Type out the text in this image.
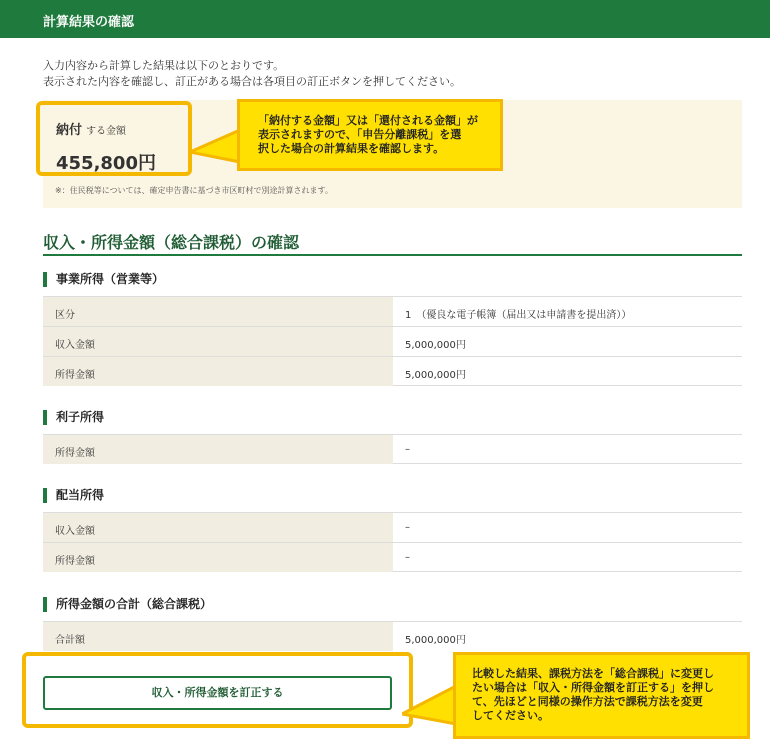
計算結果の確認
入力内容から計算した結果は以下のとおりです。
表示された内容を確認し、訂正がある場合は各項目の訂正ボタンを押してください。
納付 する金額
455,800円
※：住民税等については、確定申告書に基づき市区町村で別途計算されます。
「納付する金額」又は「還付される金額」が
表示されますので、「申告分離課税」を選
択した場合の計算結果を確認します。
収入・所得金額（総合課税）の確認
事業所得（営業等）
区分	1　（優良な電子帳簿（届出又は申請書を提出済））
収入金額	5,000,000円
所得金額	5,000,000円
利子所得
所得金額	–
配当所得
収入金額	–
所得金額	–
所得金額の合計（総合課税）
合計額	5,000,000円
収入・所得金額を訂正する
比較した結果、課税方法を「総合課税」に変更し
たい場合は「収入・所得金額を訂正する」を押し
て、先ほどと同様の操作方法で課税方法を変更
してください。
